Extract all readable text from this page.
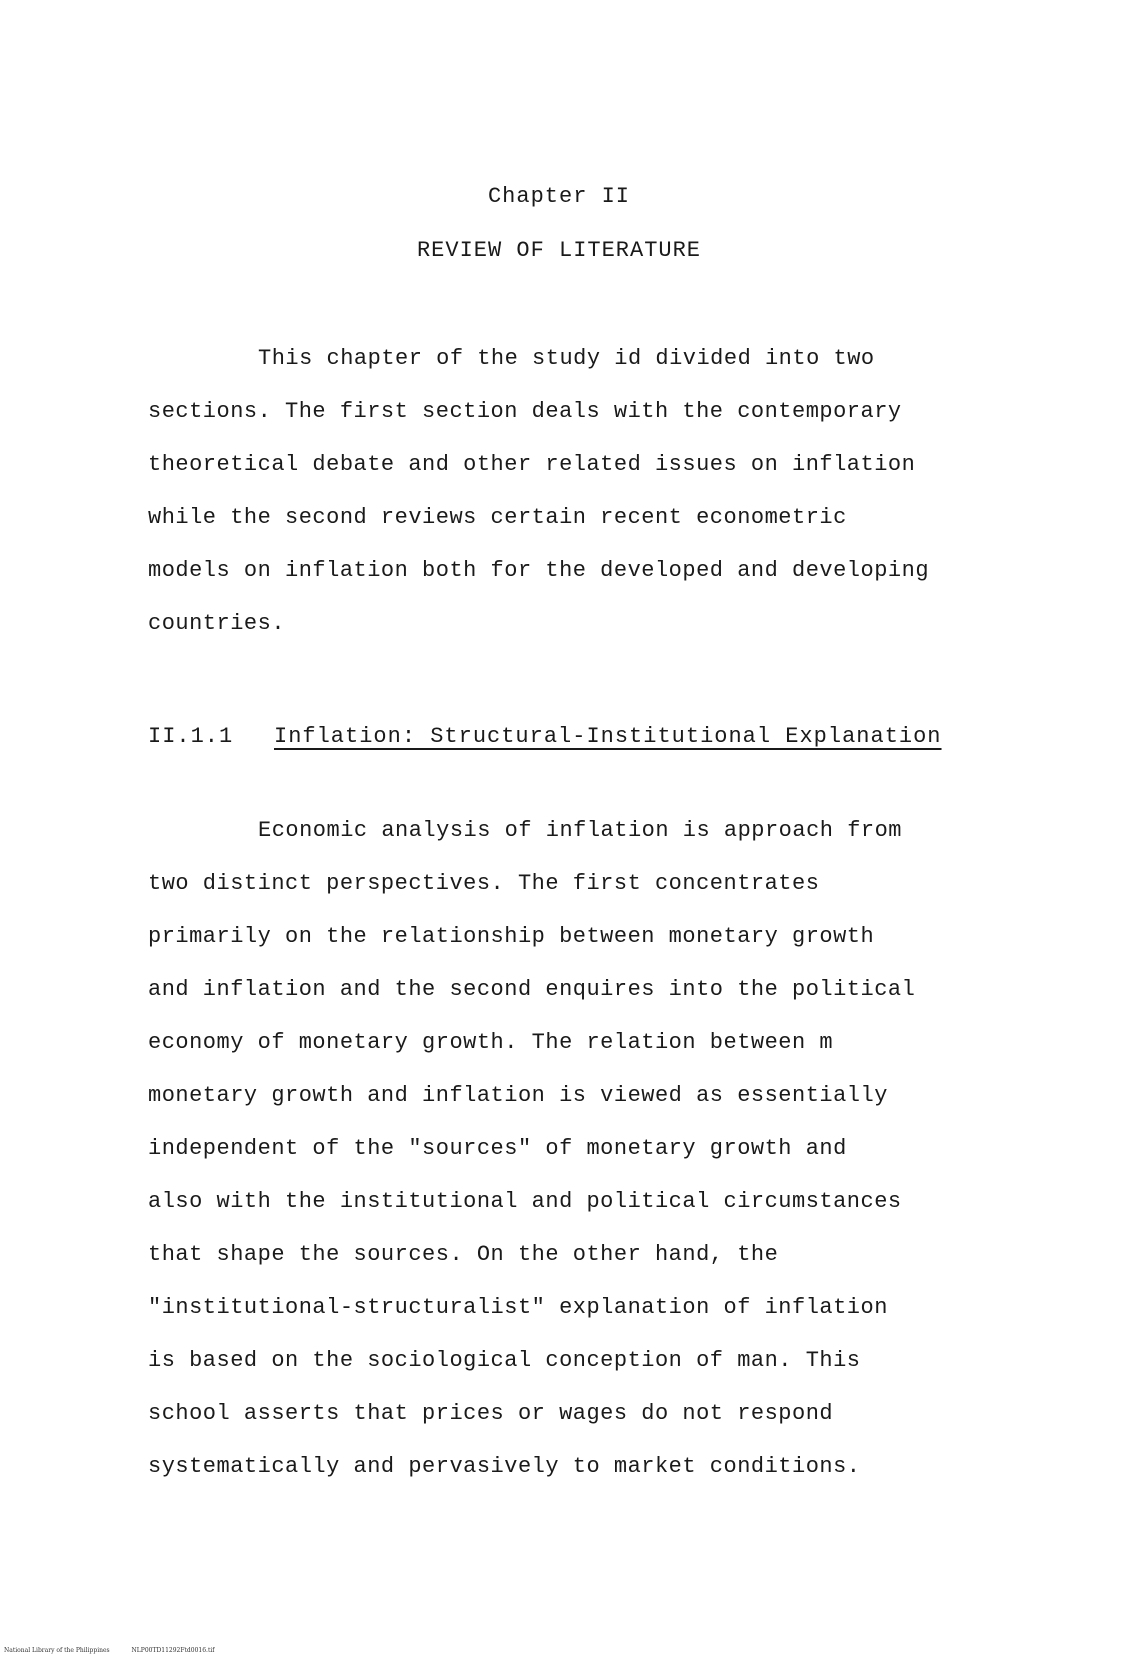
Chapter II
REVIEW OF LITERATURE
This chapter of the study id divided into two
sections. The first section deals with the contemporary
theoretical debate and other related issues on inflation
while the second reviews certain recent econometric
models on inflation both for the developed and developing
countries.
II.1.1 Inflation: Structural-Institutional Explanation
Economic analysis of inflation is approach from
two distinct perspectives. The first concentrates
primarily on the relationship between monetary growth
and inflation and the second enquires into the political
economy of monetary growth. The relation between m
monetary growth and inflation is viewed as essentially
independent of the "sources" of monetary growth and
also with the institutional and political circumstances
that shape the sources. On the other hand, the
"institutional-structuralist" explanation of inflation
is based on the sociological conception of man. This
school asserts that prices or wages do not respond
systematically and pervasively to market conditions.
National Library of the Philippines	NLP00TD11292Ftd0016.tif
